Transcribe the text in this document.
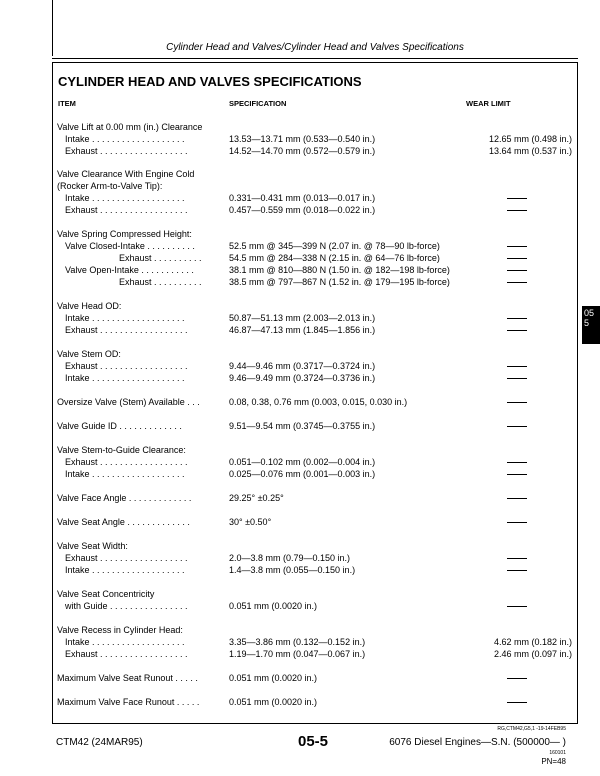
Cylinder Head and Valves/Cylinder Head and Valves Specifications
CYLINDER HEAD AND VALVES SPECIFICATIONS
ITEM	SPECIFICATION	WEAR LIMIT
Valve Lift at 0.00 mm (in.) Clearance
Intake . . . . . . . . . . . . . . . . . . .	13.53—13.71 mm (0.533—0.540 in.)	12.65 mm (0.498 in.)
Exhaust . . . . . . . . . . . . . . . . . .	14.52—14.70 mm (0.572—0.579 in.)	13.64 mm (0.537 in.)
Valve Clearance With Engine Cold
(Rocker Arm-to-Valve Tip):
Intake . . . . . . . . . . . . . . . . . . .	0.331—0.431 mm (0.013—0.017 in.)
Exhaust . . . . . . . . . . . . . . . . . .	0.457—0.559 mm (0.018—0.022 in.)
Valve Spring Compressed Height:
Valve Closed-Intake . . . . . . . . . .	52.5 mm @ 345—399 N (2.07 in. @ 78—90 lb-force)
Exhaust . . . . . . . . . .	54.5 mm @ 284—338 N (2.15 in. @ 64—76 lb-force)
Valve Open-Intake . . . . . . . . . . .	38.1 mm @ 810—880 N (1.50 in. @ 182—198 lb-force)
Exhaust . . . . . . . . . .	38.5 mm @ 797—867 N (1.52 in. @ 179—195 lb-force)
Valve Head OD:
Intake . . . . . . . . . . . . . . . . . . .	50.87—51.13 mm (2.003—2.013 in.)
Exhaust . . . . . . . . . . . . . . . . . .	46.87—47.13 mm (1.845—1.856 in.)
Valve Stem OD:
Exhaust . . . . . . . . . . . . . . . . . .	9.44—9.46 mm (0.3717—0.3724 in.)
Intake . . . . . . . . . . . . . . . . . . .	9.46—9.49 mm (0.3724—0.3736 in.)
Oversize Valve (Stem) Available . . .	0.08, 0.38, 0.76 mm (0.003, 0.015, 0.030 in.)
Valve Guide ID . . . . . . . . . . . . .	9.51—9.54 mm (0.3745—0.3755 in.)
Valve Stem-to-Guide Clearance:
Exhaust . . . . . . . . . . . . . . . . . .	0.051—0.102 mm (0.002—0.004 in.)
Intake . . . . . . . . . . . . . . . . . . .	0.025—0.076 mm (0.001—0.003 in.)
Valve Face Angle . . . . . . . . . . . . .	29.25° ±0.25°
Valve Seat Angle . . . . . . . . . . . . .	30° ±0.50°
Valve Seat Width:
Exhaust . . . . . . . . . . . . . . . . . .	2.0—3.8 mm (0.79—0.150 in.)
Intake . . . . . . . . . . . . . . . . . . .	1.4—3.8 mm (0.055—0.150 in.)
Valve Seat Concentricity
with Guide . . . . . . . . . . . . . . . .	0.051 mm (0.0020 in.)
Valve Recess in Cylinder Head:
Intake . . . . . . . . . . . . . . . . . . .	3.35—3.86 mm (0.132—0.152 in.)	4.62 mm (0.182 in.)
Exhaust . . . . . . . . . . . . . . . . . .	1.19—1.70 mm (0.047—0.067 in.)	2.46 mm (0.097 in.)
Maximum Valve Seat Runout . . . . .	0.051 mm (0.0020 in.)
Maximum Valve Face Runout . . . . .	0.051 mm (0.0020 in.)
05
5
RG,CTM42,G5,1 -19-14FEB95
CTM42 (24MAR95)	05-5	6076 Diesel Engines—S.N. (500000— )
160101
PN=48
